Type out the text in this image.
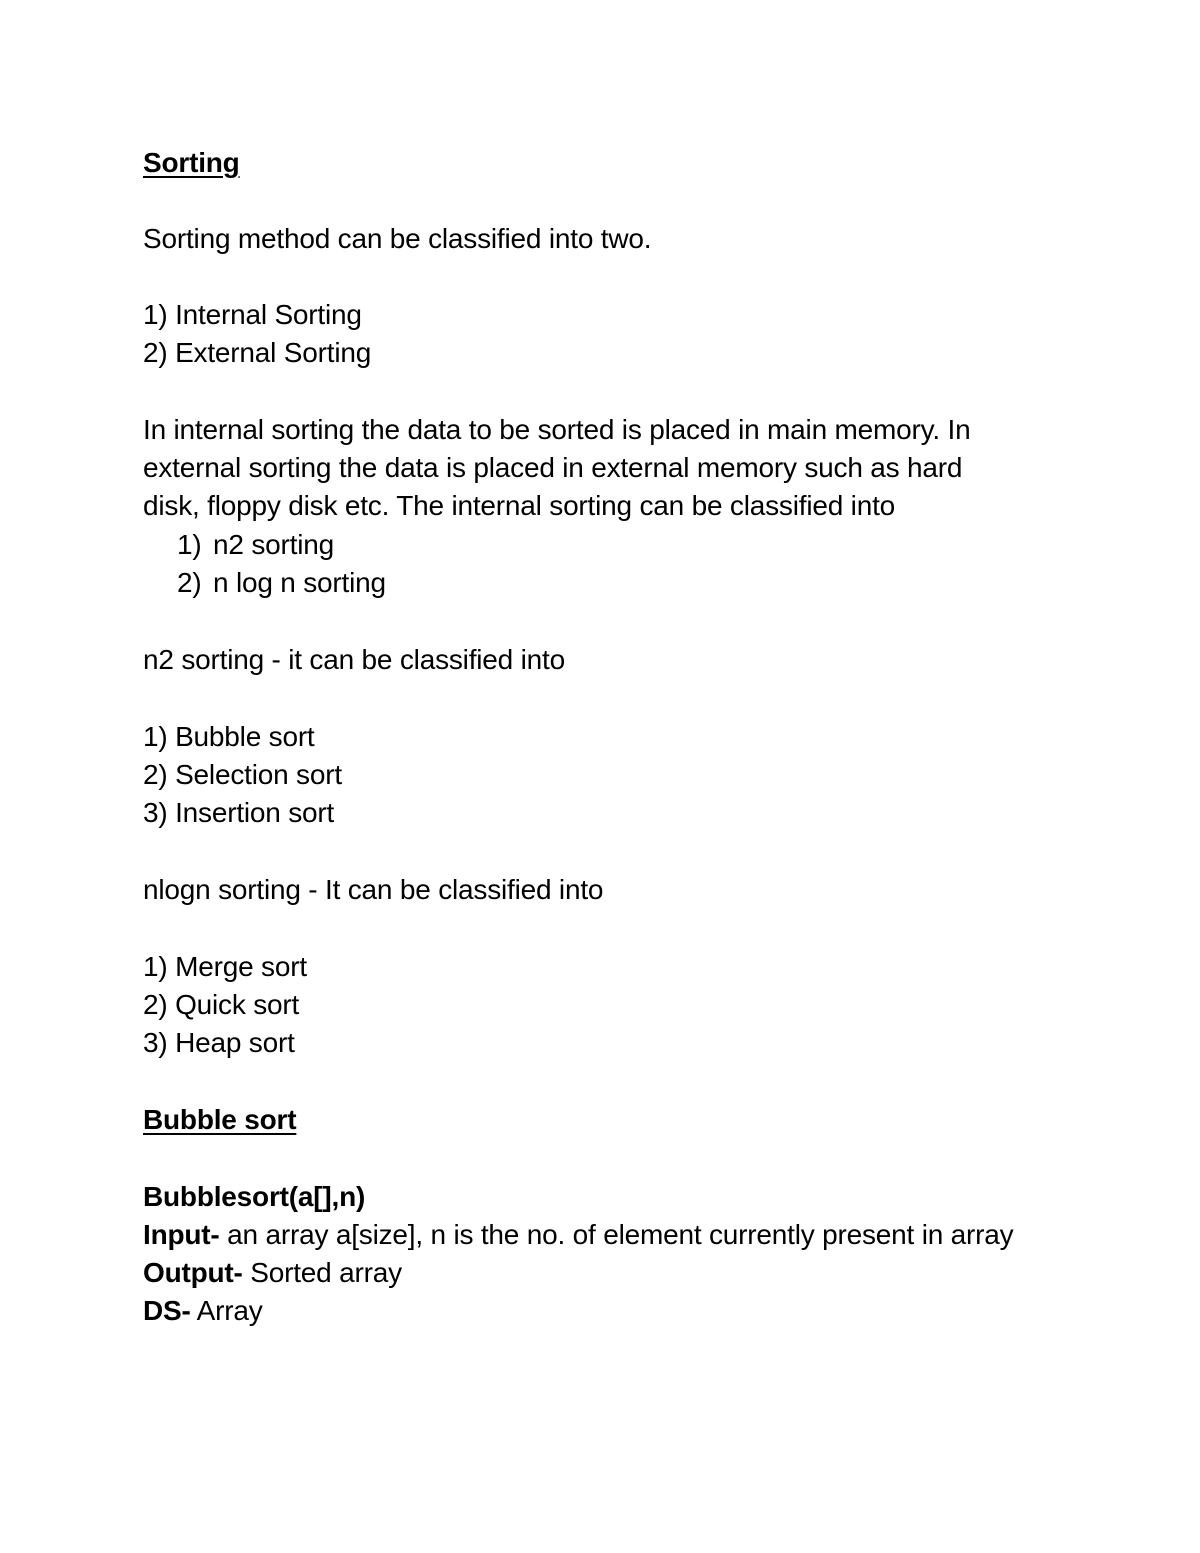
Sorting
Sorting method can be classified into two.
1) Internal Sorting
2) External Sorting
In internal sorting the data to be sorted is placed in main memory. In
external sorting the data is placed in external memory such as hard
disk, floppy disk etc. The internal sorting can be classified into
1) n2 sorting
2) n log n sorting
n2 sorting - it can be classified into
1) Bubble sort
2) Selection sort
3) Insertion sort
nlogn sorting - It can be classified into
1) Merge sort
2) Quick sort
3) Heap sort
Bubble sort
Bubblesort(a[],n)
Input- an array a[size], n is the no. of element currently present in array
Output- Sorted array
DS- Array
